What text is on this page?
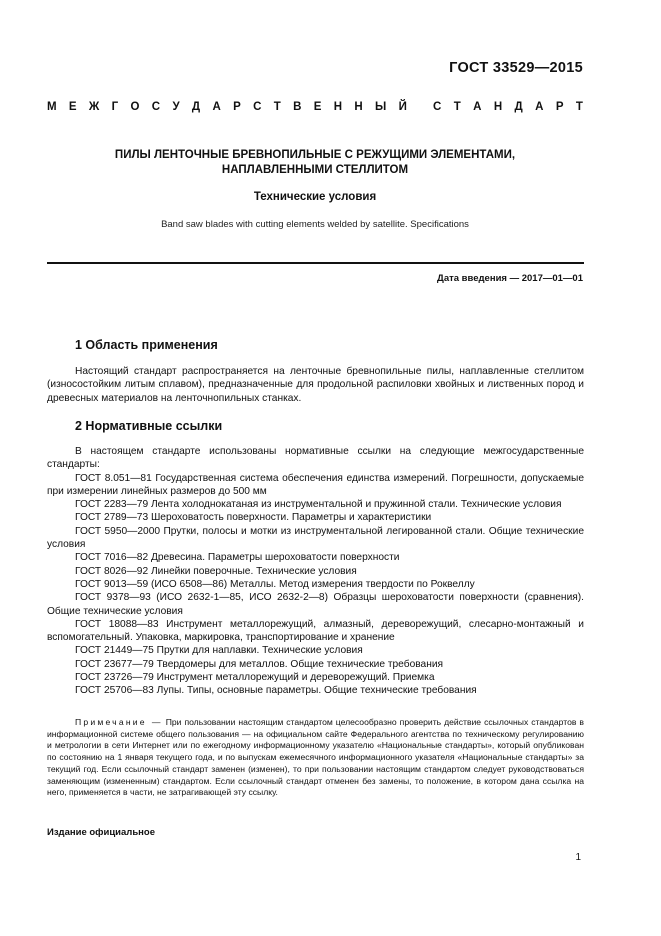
ГОСТ 33529—2015
М Е Ж Г О С У Д А Р С Т В Е Н Н Ы Й С Т А Н Д А Р Т
ПИЛЫ ЛЕНТОЧНЫЕ БРЕВНОПИЛЬНЫЕ С РЕЖУЩИМИ ЭЛЕМЕНТАМИ,
НАПЛАВЛЕННЫМИ СТЕЛЛИТОМ
Технические условия
Band saw blades with cutting elements welded by satellite. Specifications
Дата введения — 2017—01—01
1 Область применения
Настоящий стандарт распространяется на ленточные бревнопильные пилы, наплавленные стеллитом (износостойким литым сплавом), предназначенные для продольной распиловки хвойных и лиственных пород и древесных материалов на ленточнопильных станках.
2 Нормативные ссылки
В настоящем стандарте использованы нормативные ссылки на следующие межгосударственные стандарты:
ГОСТ 8.051—81 Государственная система обеспечения единства измерений. Погрешности, допускаемые при измерении линейных размеров до 500 мм
ГОСТ 2283—79 Лента холоднокатаная из инструментальной и пружинной стали. Технические условия
ГОСТ 2789—73 Шероховатость поверхности. Параметры и характеристики
ГОСТ 5950—2000 Прутки, полосы и мотки из инструментальной легированной стали. Общие технические условия
ГОСТ 7016—82 Древесина. Параметры шероховатости поверхности
ГОСТ 8026—92 Линейки поверочные. Технические условия
ГОСТ 9013—59 (ИСО 6508—86) Металлы. Метод измерения твердости по Роквеллу
ГОСТ 9378—93 (ИСО 2632-1—85, ИСО 2632-2—8) Образцы шероховатости поверхности (сравнения). Общие технические условия
ГОСТ 18088—83 Инструмент металлорежущий, алмазный, дереворежущий, слесарно-монтажный и вспомогательный. Упаковка, маркировка, транспортирование и хранение
ГОСТ 21449—75 Прутки для наплавки. Технические условия
ГОСТ 23677—79 Твердомеры для металлов. Общие технические требования
ГОСТ 23726—79 Инструмент металлорежущий и дереворежущий. Приемка
ГОСТ 25706—83 Лупы. Типы, основные параметры. Общие технические требования
Примечание — При пользовании настоящим стандартом целесообразно проверить действие ссылочных стандартов в информационной системе общего пользования — на официальном сайте Федерального агентства по техническому регулированию и метрологии в сети Интернет или по ежегодному информационному указателю «Национальные стандарты», который опубликован по состоянию на 1 января текущего года, и по выпускам ежемесячного информационного указателя «Национальные стандарты» за текущий год. Если ссылочный стандарт заменен (изменен), то при пользовании настоящим стандартом следует руководствоваться заменяющим (измененным) стандартом. Если ссылочный стандарт отменен без замены, то положение, в котором дана ссылка на него, применяется в части, не затрагивающей эту ссылку.
Издание официальное
1
